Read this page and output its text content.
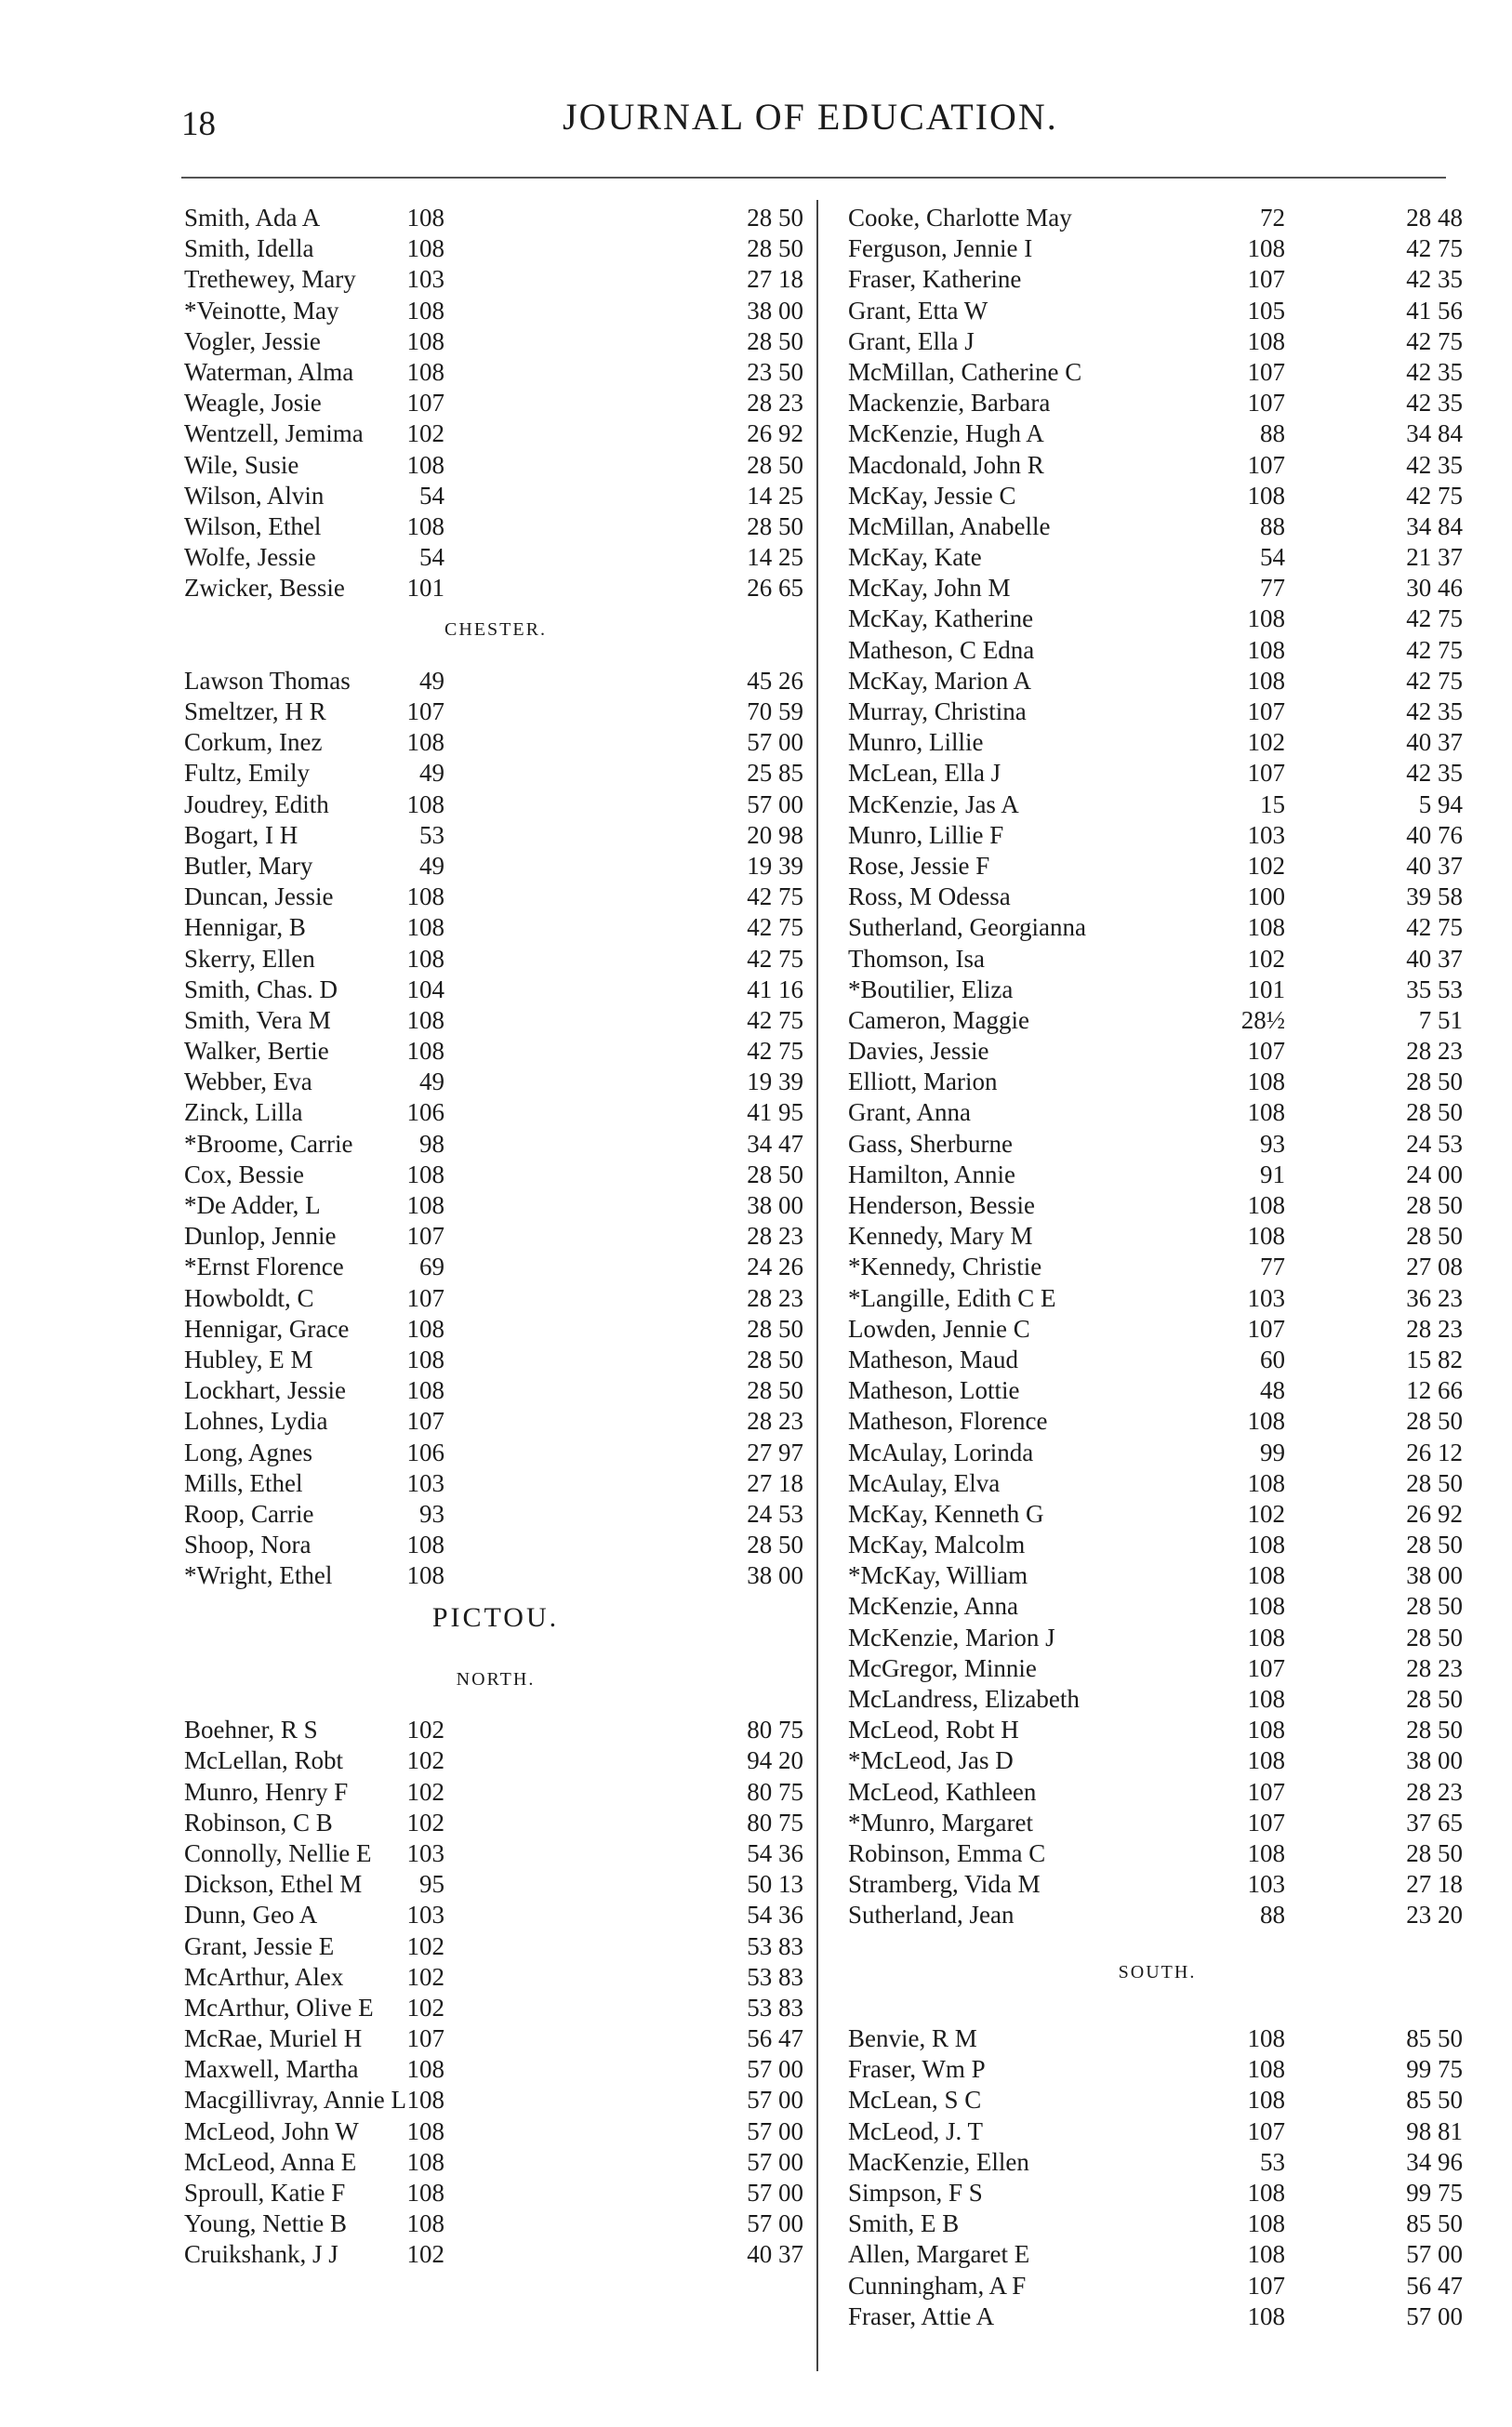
18	JOURNAL OF EDUCATION.
Smith, Ada A	108	28 50
Smith, Idella	108	28 50
Trethewey, Mary	103	27 18
*Veinotte, May	108	38 00
Vogler, Jessie	108	28 50
Waterman, Alma	108	23 50
Weagle, Josie	107	28 23
Wentzell, Jemima	102	26 92
Wile, Susie	108	28 50
Wilson, Alvin	54	14 25
Wilson, Ethel	108	28 50
Wolfe, Jessie	54	14 25
Zwicker, Bessie	101	26 65
CHESTER.
Lawson Thomas	49	45 26
Smeltzer, H R	107	70 59
Corkum, Inez	108	57 00
Fultz, Emily	49	25 85
Joudrey, Edith	108	57 00
Bogart, I H	53	20 98
Butler, Mary	49	19 39
Duncan, Jessie	108	42 75
Hennigar, B	108	42 75
Skerry, Ellen	108	42 75
Smith, Chas. D	104	41 16
Smith, Vera M	108	42 75
Walker, Bertie	108	42 75
Webber, Eva	49	19 39
Zinck, Lilla	106	41 95
*Broome, Carrie	98	34 47
Cox, Bessie	108	28 50
*De Adder, L	108	38 00
Dunlop, Jennie	107	28 23
*Ernst Florence	69	24 26
Howboldt, C	107	28 23
Hennigar, Grace	108	28 50
Hubley, E M	108	28 50
Lockhart, Jessie	108	28 50
Lohnes, Lydia	107	28 23
Long, Agnes	106	27 97
Mills, Ethel	103	27 18
Roop, Carrie	93	24 53
Shoop, Nora	108	28 50
*Wright, Ethel	108	38 00
PICTOU.
NORTH.
Boehner, R S	102	80 75
McLellan, Robt	102	94 20
Munro, Henry F	102	80 75
Robinson, C B	102	80 75
Connolly, Nellie E	103	54 36
Dickson, Ethel M	95	50 13
Dunn, Geo A	103	54 36
Grant, Jessie E	102	53 83
McArthur, Alex	102	53 83
McArthur, Olive E	102	53 83
McRae, Muriel H	107	56 47
Maxwell, Martha	108	57 00
Macgillivray, Annie L 108	57 00
McLeod, John W	108	57 00
McLeod, Anna E	108	57 00
Sproull, Katie F	108	57 00
Young, Nettie B	108	57 00
Cruikshank, J J	102	40 37
Cooke, Charlotte May	72	28 48
Ferguson, Jennie I	108	42 75
Fraser, Katherine	107	42 35
Grant, Etta W	105	41 56
Grant, Ella J	108	42 75
McMillan, Catherine C	107	42 35
Mackenzie, Barbara	107	42 35
McKenzie, Hugh A	88	34 84
Macdonald, John R	107	42 35
McKay, Jessie C	108	42 75
McMillan, Anabelle	88	34 84
McKay, Kate	54	21 37
McKay, John M	77	30 46
McKay, Katherine	108	42 75
Matheson, C Edna	108	42 75
McKay, Marion A	108	42 75
Murray, Christina	107	42 35
Munro, Lillie	102	40 37
McLean, Ella J	107	42 35
McKenzie, Jas A	15	5 94
Munro, Lillie F	103	40 76
Rose, Jessie F	102	40 37
Ross, M Odessa	100	39 58
Sutherland, Georgianna	108	42 75
Thomson, Isa	102	40 37
*Boutilier, Eliza	101	35 53
Cameron, Maggie	28½	7 51
Davies, Jessie	107	28 23
Elliott, Marion	108	28 50
Grant, Anna	108	28 50
Gass, Sherburne	93	24 53
Hamilton, Annie	91	24 00
Henderson, Bessie	108	28 50
Kennedy, Mary M	108	28 50
*Kennedy, Christie	77	27 08
*Langille, Edith C E	103	36 23
Lowden, Jennie C	107	28 23
Matheson, Maud	60	15 82
Matheson, Lottie	48	12 66
Matheson, Florence	108	28 50
McAulay, Lorinda	99	26 12
McAulay, Elva	108	28 50
McKay, Kenneth G	102	26 92
McKay, Malcolm	108	28 50
*McKay, William	108	38 00
McKenzie, Anna	108	28 50
McKenzie, Marion J	108	28 50
McGregor, Minnie	107	28 23
McLandress, Elizabeth	108	28 50
McLeod, Robt H	108	28 50
*McLeod, Jas D	108	38 00
McLeod, Kathleen	107	28 23
*Munro, Margaret	107	37 65
Robinson, Emma C	108	28 50
Stramberg, Vida M	103	27 18
Sutherland, Jean	88	23 20
SOUTH.
Benvie, R M	108	85 50
Fraser, Wm P	108	99 75
McLean, S C	108	85 50
McLeod, J. T	107	98 81
MacKenzie, Ellen	53	34 96
Simpson, F S	108	99 75
Smith, E B	108	85 50
Allen, Margaret E	108	57 00
Cunningham, A F	107	56 47
Fraser, Attie A	108	57 00
